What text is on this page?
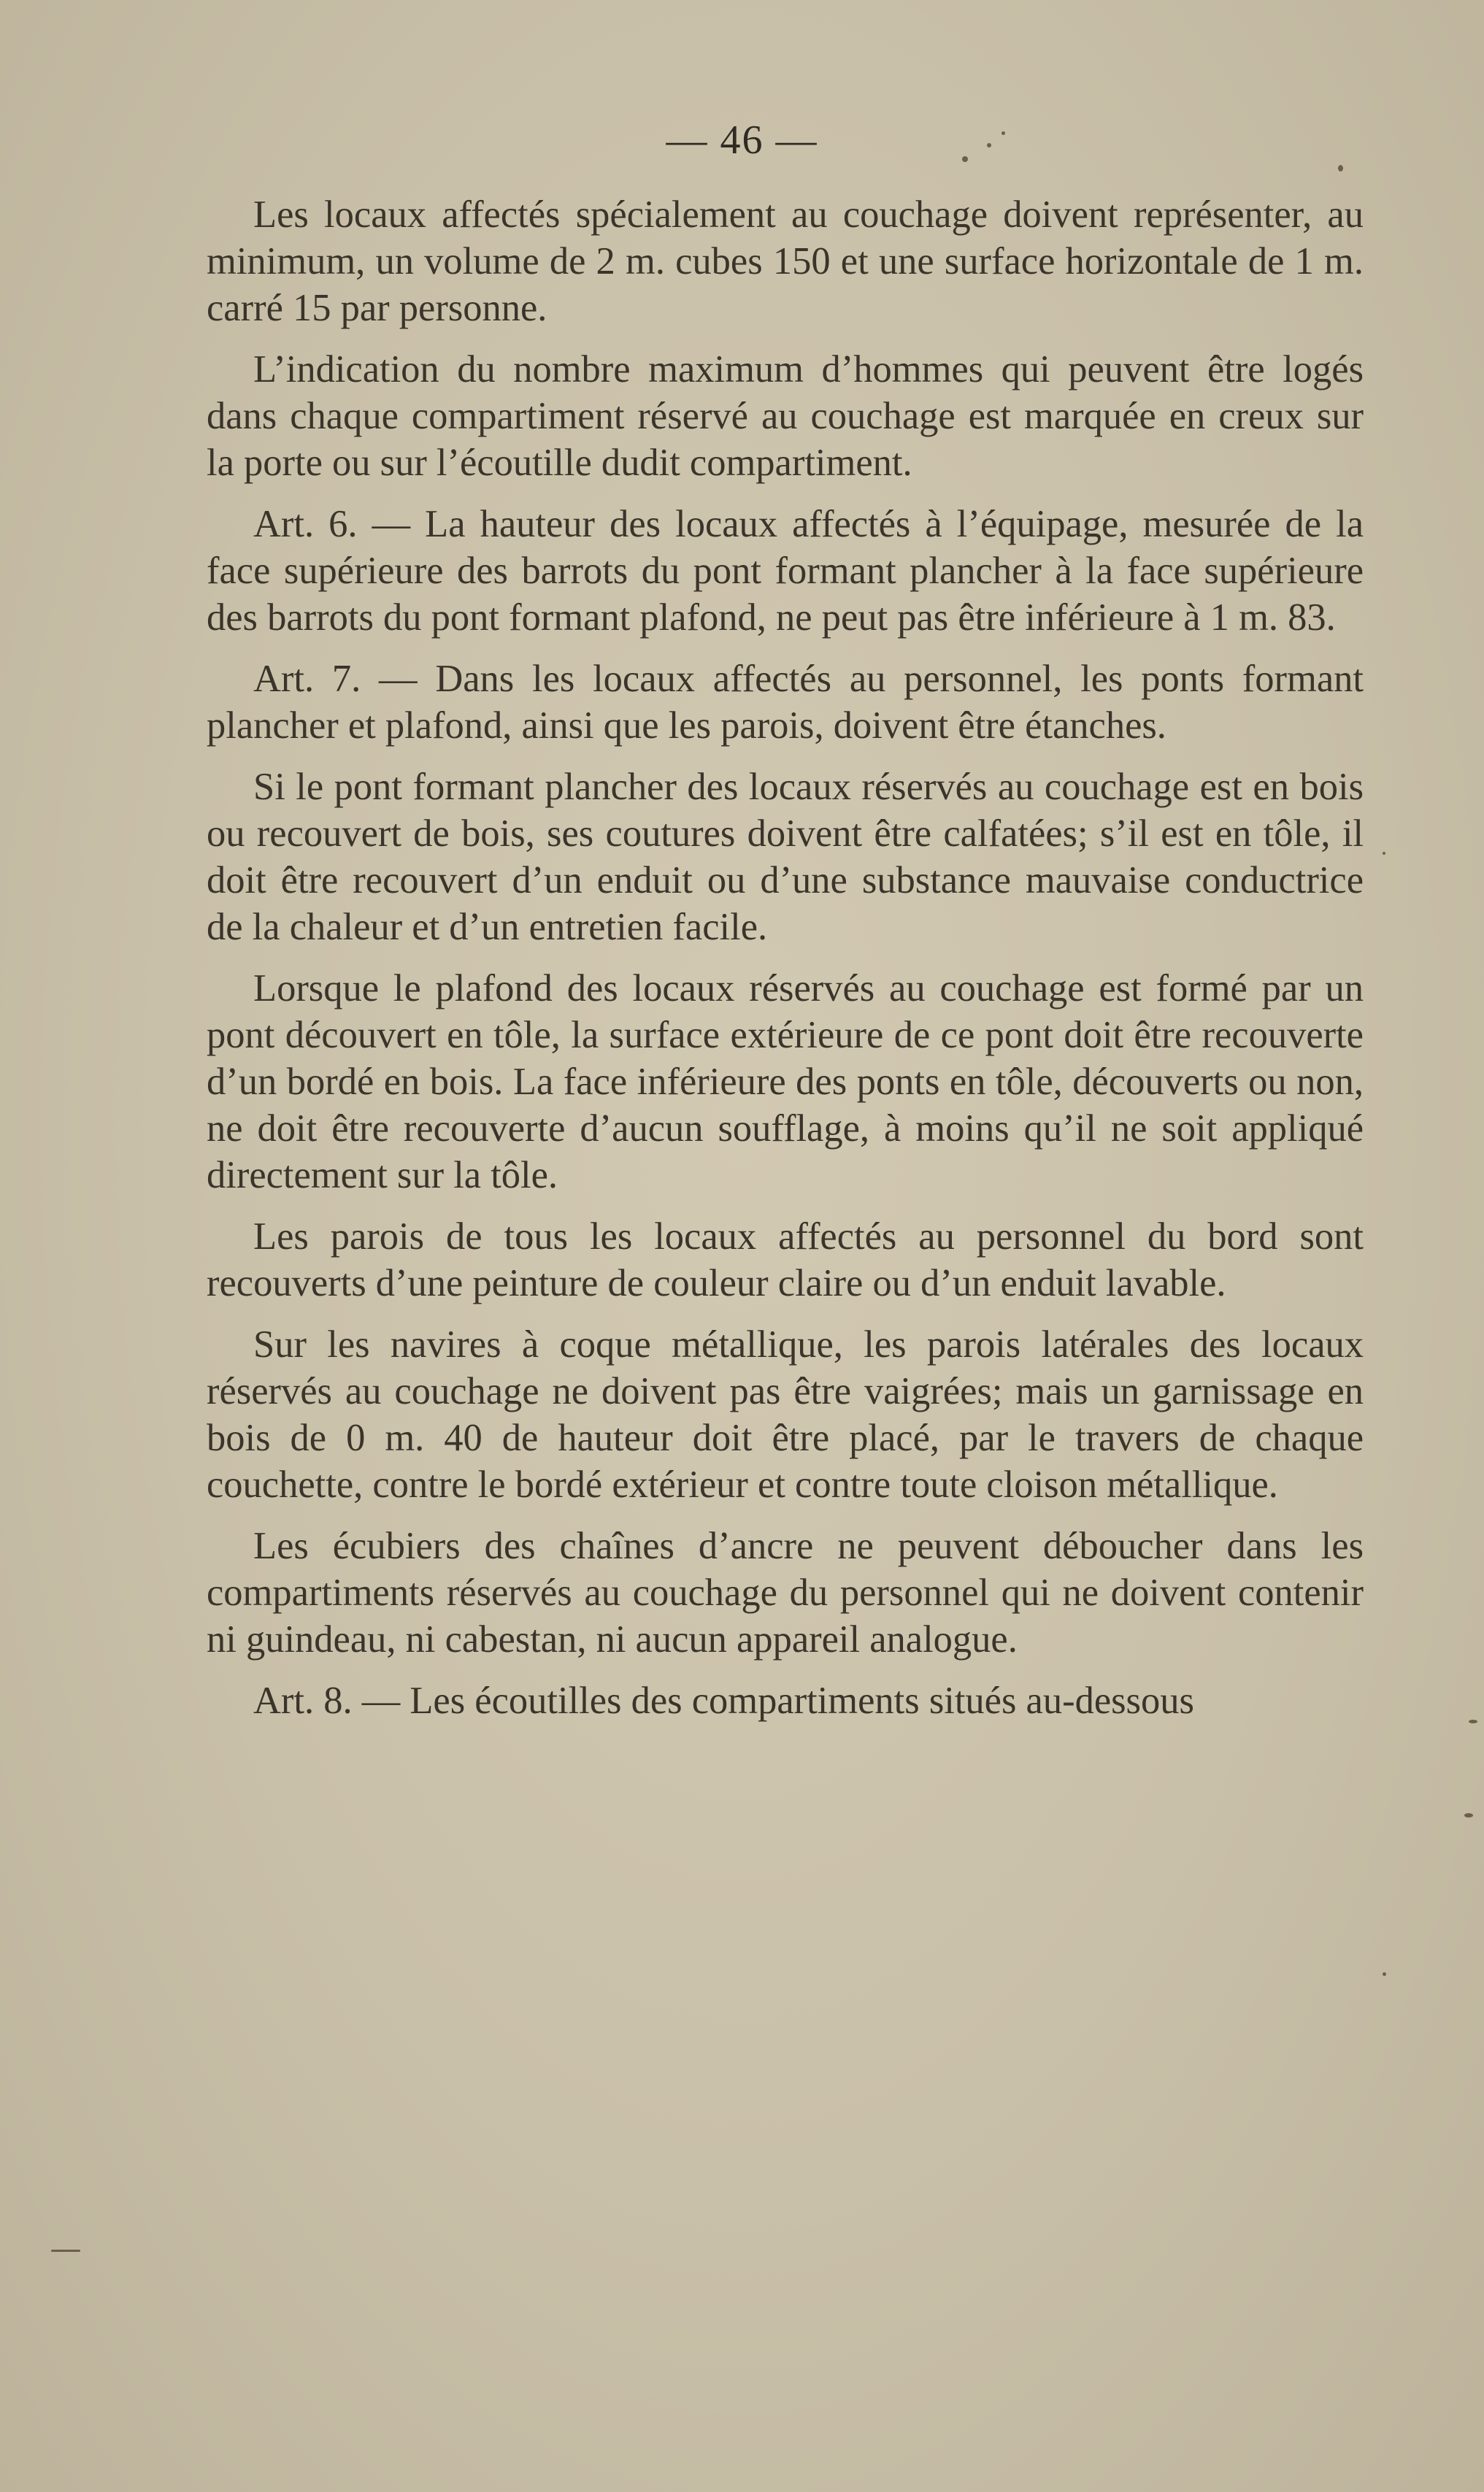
— 46 —

Les locaux affectés spécialement au couchage doivent représenter, au minimum, un volume de 2 m. cubes 150 et une surface horizontale de 1 m. carré 15 par personne.

L’indication du nombre maximum d’hommes qui peuvent être logés dans chaque compartiment réservé au couchage est marquée en creux sur la porte ou sur l’écoutille dudit compartiment.

Art. 6. — La hauteur des locaux affectés à l’équipage, mesurée de la face supérieure des barrots du pont formant plancher à la face supérieure des barrots du pont formant plafond, ne peut pas être inférieure à 1 m. 83.

Art. 7. — Dans les locaux affectés au personnel, les ponts formant plancher et plafond, ainsi que les parois, doivent être étanches.

Si le pont formant plancher des locaux réservés au couchage est en bois ou recouvert de bois, ses coutures doivent être calfatées; s’il est en tôle, il doit être recouvert d’un enduit ou d’une substance mauvaise conductrice de la chaleur et d’un entretien facile.

Lorsque le plafond des locaux réservés au couchage est formé par un pont découvert en tôle, la surface extérieure de ce pont doit être recouverte d’un bordé en bois. La face inférieure des ponts en tôle, découverts ou non, ne doit être recouverte d’aucun soufflage, à moins qu’il ne soit appliqué directement sur la tôle.

Les parois de tous les locaux affectés au personnel du bord sont recouverts d’une peinture de couleur claire ou d’un enduit lavable.

Sur les navires à coque métallique, les parois latérales des locaux réservés au couchage ne doivent pas être vaigrées; mais un garnissage en bois de 0 m. 40 de hauteur doit être placé, par le travers de chaque couchette, contre le bordé extérieur et contre toute cloison métallique.

Les écubiers des chaînes d’ancre ne peuvent déboucher dans les compartiments réservés au couchage du personnel qui ne doivent contenir ni guindeau, ni cabestan, ni aucun appareil analogue.

Art. 8. — Les écoutilles des compartiments situés au-dessous
